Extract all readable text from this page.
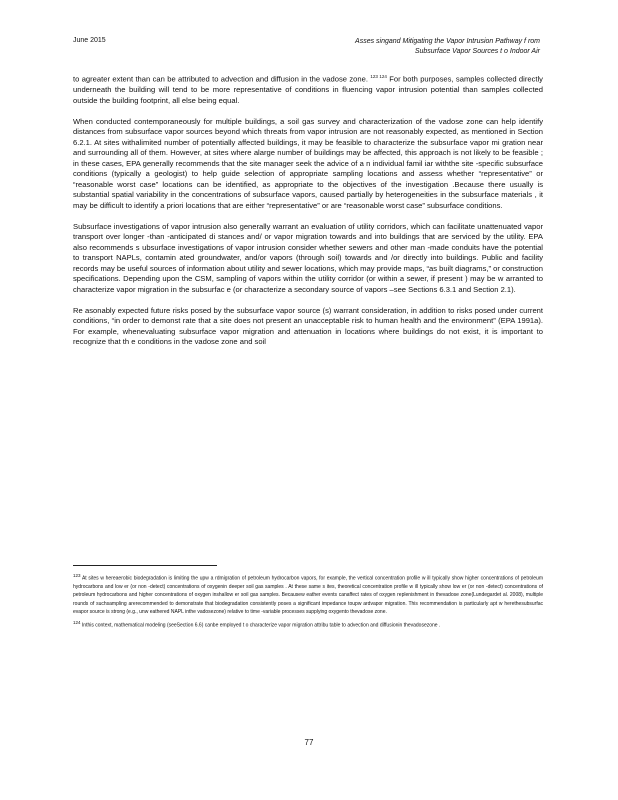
June 2015	Asses singand Mitigating the Vapor Intrusion Pathway f rom
Subsurface Vapor Sources t o Indoor Air

to agreater extent than can be attributed to advection and diffusion in the vadose zone. $^{123 124}$ For both purposes, samples collected directly underneath the building will tend to be more representative of conditions in fluencing vapor intrusion potential than samples collected outside the building footprint, all else being equal.

When conducted contemporaneously for multiple buildings, a soil gas survey and characterization of the vadose zone can help identify distances from subsurface vapor sources beyond which threats from vapor intrusion are not reasonably expected, as mentioned in Section 6.2.1. At sites withalimited number of potentially affected buildings, it may be feasible to characterize the subsurface vapor mi gration near and surrounding all of them. However, at sites where alarge number of buildings may be affected, this approach is not likely to be feasible ; in these cases, EPA generally recommends that the site manager seek the advice of a n individual famil iar withthe site -specific subsurface conditions (typically a geologist) to help guide selection of appropriate sampling locations and assess whether “representative” or “reasonable worst case” locations can be identified, as appropriate to the objectives of the investigation .Because there usually is substantial spatial variability in the concentrations of subsurface vapors, caused partially by heterogeneities in the subsurface materials , it may be difficult to identify a priori locations that are either “representative” or are “reasonable worst case” subsurface conditions.

Subsurface investigations of vapor intrusion also generally warrant an evaluation of utility corridors, which can facilitate unattenuated vapor transport over longer -than -anticipated di stances and/ or vapor migration towards and into buildings that are serviced by the utility. EPA also recommends s ubsurface investigations of vapor intrusion consider whether sewers and other man -made conduits have the potential to transport NAPLs, contamin ated groundwater, and/or vapors (through soil) towards and /or directly into buildings. Public and facility records may be useful sources of information about utility and sewer locations, which may provide maps, “as built diagrams,” or construction specifications. Depending upon the CSM, sampling of vapors within the utility corridor (or within a sewer, if present ) may be w arranted to characterize vapor migration in the subsurfac e (or characterize a secondary source of vapors –see Sections 6.3.1 and Section 2.1).

Re asonably expected future risks posed by the subsurface vapor source (s) warrant consideration, in addition to risks posed under current conditions, “in order to demonst rate that a site does not present an unacceptable risk to human health and the environment” (EPA 1991a). For example, whenevaluating subsurface vapor migration and attenuation in locations where buildings do not exist, it is important to recognize that th e conditions in the vadose zone and soil

123 At sites w hereaerobic biodegradation is limiting the upw a rdmigration of petroleum hydrocarbon vapors, for example, the vertical concentration profile w ill typically show higher concentrations of petroleum hydrocarbons and low er (or non -detect) concentrations of oxygenin deeper soil gas samples . At these same s ites, theoretical concentration profile w ill typically show low er (or non -detect) concentrations of petroleum hydrocarbons and higher concentrations of oxygen inshallow er soil gas samples. Becausew eather events canaffect rates of oxygen replenishment in thevadose zone(Lundegardet al. 2008), multiple rounds of suchsampling arerecommended to demonstrate that biodegradation consistently poses a significant impedance toupw ardvapor migration. This recommendation is particularly apt w herethesubsurfac evapor source is strong (e.g., unw eathered NAPL inthe vadosezone) relative to time -variable processes supplying oxygento thevadose zone.

124 Inthis context, mathematical modeling (seeSection 6.6) canbe employed t o characterize vapor migration attribu table to advection and diffusionin thevadosezone .

77
